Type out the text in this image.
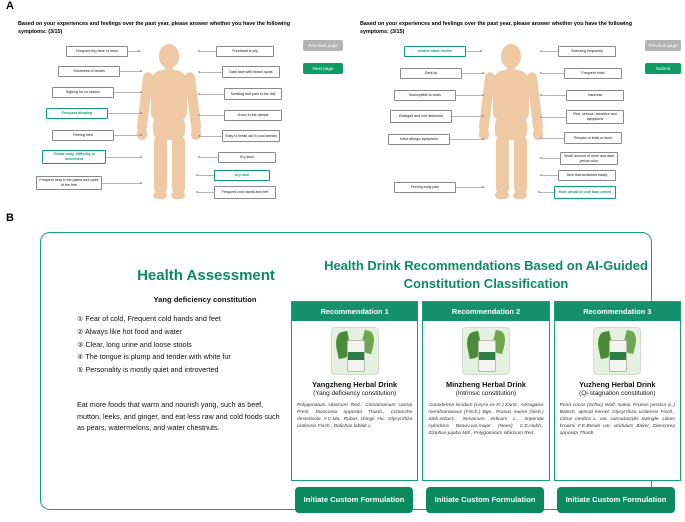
A
Based on your experiences and feelings over the past year, please answer whether you have the following symptoms: (3/15)
Frequent tiny face or torso
Shortness of breath
Sighing for no reason
Frequent bloating
Feeling tired
Throat body, difficulty in movement
Frequent heat in the palms and soles of the feet
Forehead is oily
Dark face with brown spots
Swelling and pain in the ribs
Down in the damps
Easy to break out in cold sweats
Dry stool
Dry skin
Frequent cold hands and feet
Previous page
Next page
Based on your experiences and feelings over the past year, please answer whether you have the following symptoms: (3/15)
Visible black circles
Dark lip
Susceptible to colds
Enlarged and soft abdomen
Have allergic symptoms
Feeling body pain
Sneezing frequently
Frequent thirst
Insomnia
Red, serious, sensitive and symptoms
Pimples or boils or acne
Small amount of urine and dark yellow color
Skin that scratches easily
More afraid of cold than others
Previous page
Submit
B
Health Assessment
Yang deficiency constitution
① Fear of cold, Frequent cold hands and feet
② Always like hot food and water
③ Clear, long urine and loose stools
④ The tongue is plump and tender with white fur
⑤ Personality is mostly quiet and introverted
Eat more foods that warm and nourish yang, such as beef, mutton, leeks, and ginger, and eat less raw and cold foods such as pears, watermelons, and water chestnuts.
Health Drink Recommendations Based on AI-Guided Constitution Classification
Recommendation 1
Yangzheng Herbal Drink
(Yang deficiency constitution)
Polygonatum sibiricum Red., Cinnamomum cassia Presl, Dioscorea opposita Thunb., Cistanche deserticola Y.C.Ma, Rubus chingii Hu, Glycyrrhiza uralensis Fisch., Dolichos lablab L.
Recommendation 2
Minzheng Herbal Drink
(Intrinsic constitution)
Ganoderma lucidum (Leyss.ex Fr.) Karst., Astragalus membranaceus (Fisch.) Bge., Prunus mume (Sieb.) Sieb.etZucc., Sesamum indicum L., Imperata cylindrica Beauv.var.major (Nees) C.E.Hubb., Ziziphus jujuba Mill., Polygonatum sibiricum Red.
Recommendation 3
Yuzheng Herbal Drink
(Qi-stagnation constitution)
Poria cocos (Schw.) Wolf, Nakai, Prunus persica (L.) Batsch, apricot kernel, Glycyrrhiza uralensis Fisch., Citrus medica L. var. sarcodactylis Swingle, Lilium brownii F.E.Brown var. viridulum Baker, Dioscorea opposita Thunb.
Initiate Custom Formulation	Initiate Custom Formulation	Initiate Custom Formulation
